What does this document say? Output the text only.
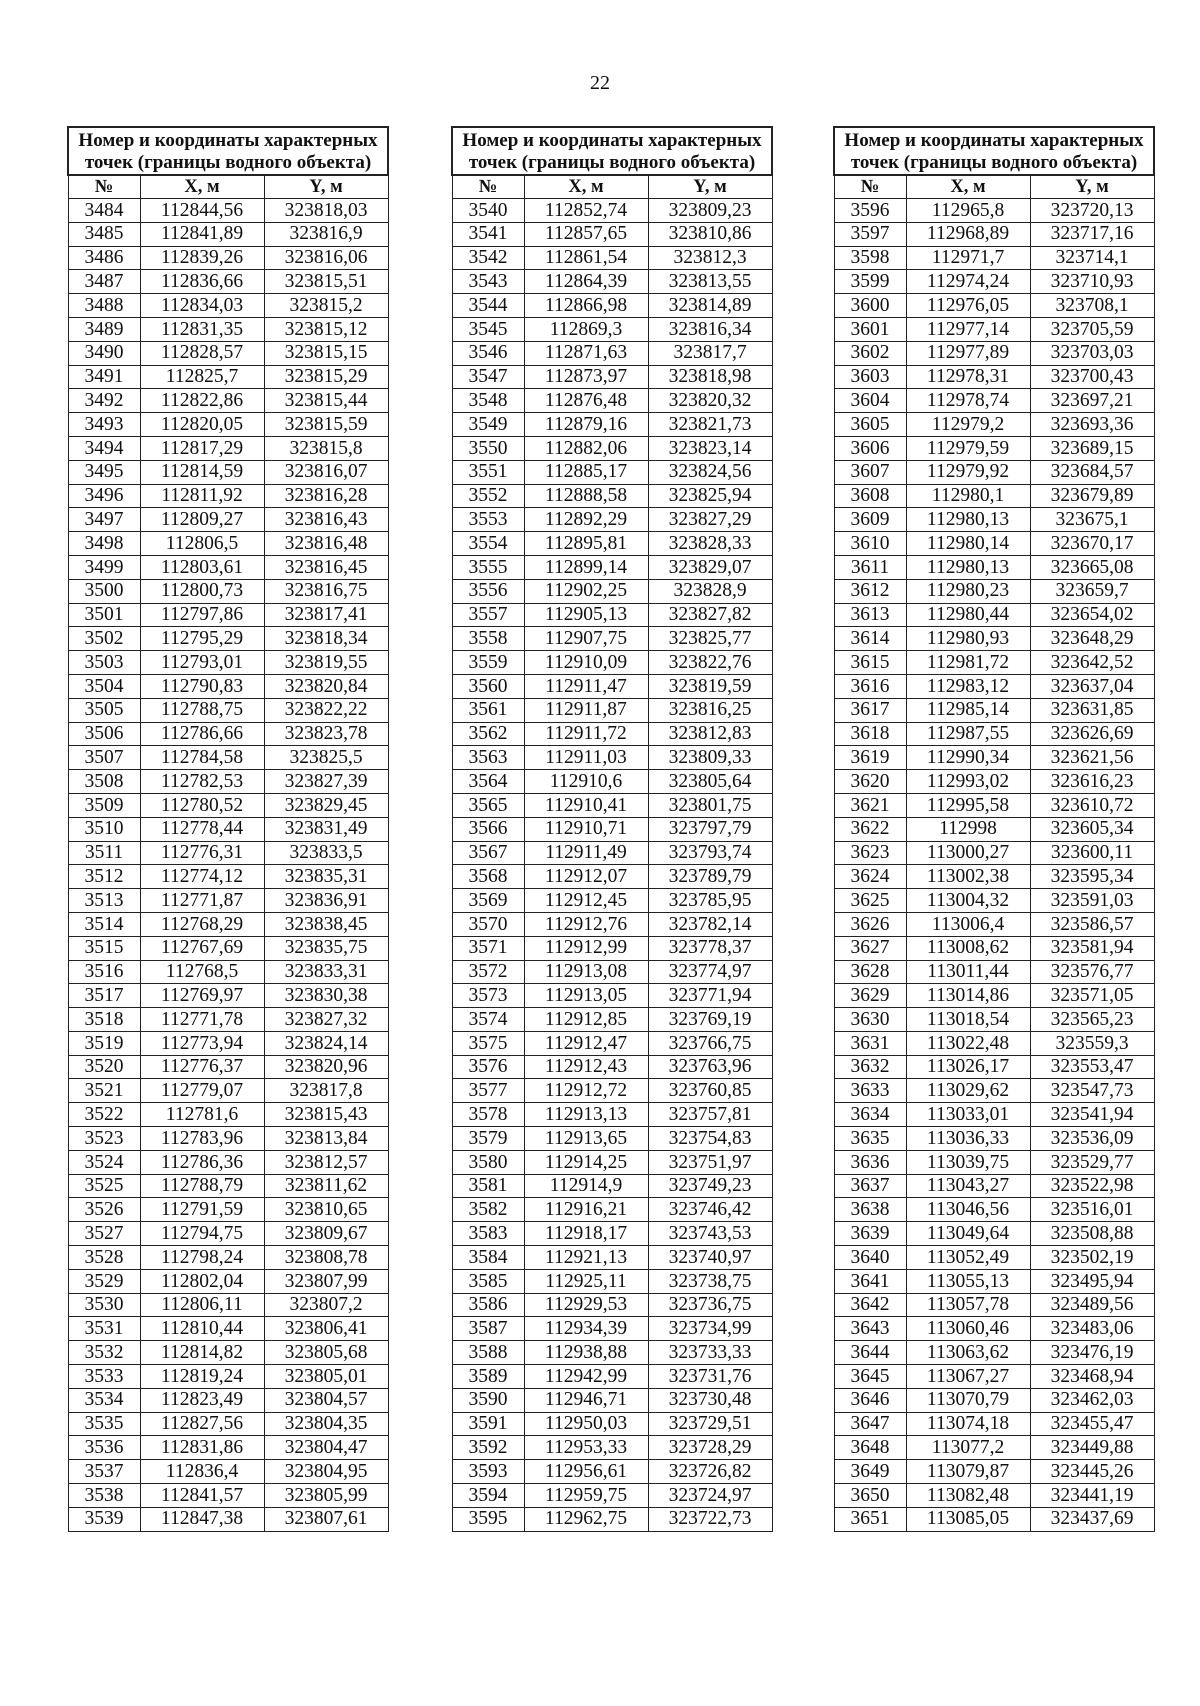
22
Номер и координаты характерных точек (границы водного объекта)		
№	X, м	Y, м
3484	112844,56	323818,03
3485	112841,89	323816,9
3486	112839,26	323816,06
3487	112836,66	323815,51
3488	112834,03	323815,2
3489	112831,35	323815,12
3490	112828,57	323815,15
3491	112825,7	323815,29
3492	112822,86	323815,44
3493	112820,05	323815,59
3494	112817,29	323815,8
3495	112814,59	323816,07
3496	112811,92	323816,28
3497	112809,27	323816,43
3498	112806,5	323816,48
3499	112803,61	323816,45
3500	112800,73	323816,75
3501	112797,86	323817,41
3502	112795,29	323818,34
3503	112793,01	323819,55
3504	112790,83	323820,84
3505	112788,75	323822,22
3506	112786,66	323823,78
3507	112784,58	323825,5
3508	112782,53	323827,39
3509	112780,52	323829,45
3510	112778,44	323831,49
3511	112776,31	323833,5
3512	112774,12	323835,31
3513	112771,87	323836,91
3514	112768,29	323838,45
3515	112767,69	323835,75
3516	112768,5	323833,31
3517	112769,97	323830,38
3518	112771,78	323827,32
3519	112773,94	323824,14
3520	112776,37	323820,96
3521	112779,07	323817,8
3522	112781,6	323815,43
3523	112783,96	323813,84
3524	112786,36	323812,57
3525	112788,79	323811,62
3526	112791,59	323810,65
3527	112794,75	323809,67
3528	112798,24	323808,78
3529	112802,04	323807,99
3530	112806,11	323807,2
3531	112810,44	323806,41
3532	112814,82	323805,68
3533	112819,24	323805,01
3534	112823,49	323804,57
3535	112827,56	323804,35
3536	112831,86	323804,47
3537	112836,4	323804,95
3538	112841,57	323805,99
3539	112847,38	323807,61
Номер и координаты характерных точек (границы водного объекта)		
№	X, м	Y, м
3540	112852,74	323809,23
3541	112857,65	323810,86
3542	112861,54	323812,3
3543	112864,39	323813,55
3544	112866,98	323814,89
3545	112869,3	323816,34
3546	112871,63	323817,7
3547	112873,97	323818,98
3548	112876,48	323820,32
3549	112879,16	323821,73
3550	112882,06	323823,14
3551	112885,17	323824,56
3552	112888,58	323825,94
3553	112892,29	323827,29
3554	112895,81	323828,33
3555	112899,14	323829,07
3556	112902,25	323828,9
3557	112905,13	323827,82
3558	112907,75	323825,77
3559	112910,09	323822,76
3560	112911,47	323819,59
3561	112911,87	323816,25
3562	112911,72	323812,83
3563	112911,03	323809,33
3564	112910,6	323805,64
3565	112910,41	323801,75
3566	112910,71	323797,79
3567	112911,49	323793,74
3568	112912,07	323789,79
3569	112912,45	323785,95
3570	112912,76	323782,14
3571	112912,99	323778,37
3572	112913,08	323774,97
3573	112913,05	323771,94
3574	112912,85	323769,19
3575	112912,47	323766,75
3576	112912,43	323763,96
3577	112912,72	323760,85
3578	112913,13	323757,81
3579	112913,65	323754,83
3580	112914,25	323751,97
3581	112914,9	323749,23
3582	112916,21	323746,42
3583	112918,17	323743,53
3584	112921,13	323740,97
3585	112925,11	323738,75
3586	112929,53	323736,75
3587	112934,39	323734,99
3588	112938,88	323733,33
3589	112942,99	323731,76
3590	112946,71	323730,48
3591	112950,03	323729,51
3592	112953,33	323728,29
3593	112956,61	323726,82
3594	112959,75	323724,97
3595	112962,75	323722,73
Номер и координаты характерных точек (границы водного объекта)		
№	X, м	Y, м
3596	112965,8	323720,13
3597	112968,89	323717,16
3598	112971,7	323714,1
3599	112974,24	323710,93
3600	112976,05	323708,1
3601	112977,14	323705,59
3602	112977,89	323703,03
3603	112978,31	323700,43
3604	112978,74	323697,21
3605	112979,2	323693,36
3606	112979,59	323689,15
3607	112979,92	323684,57
3608	112980,1	323679,89
3609	112980,13	323675,1
3610	112980,14	323670,17
3611	112980,13	323665,08
3612	112980,23	323659,7
3613	112980,44	323654,02
3614	112980,93	323648,29
3615	112981,72	323642,52
3616	112983,12	323637,04
3617	112985,14	323631,85
3618	112987,55	323626,69
3619	112990,34	323621,56
3620	112993,02	323616,23
3621	112995,58	323610,72
3622	112998	323605,34
3623	113000,27	323600,11
3624	113002,38	323595,34
3625	113004,32	323591,03
3626	113006,4	323586,57
3627	113008,62	323581,94
3628	113011,44	323576,77
3629	113014,86	323571,05
3630	113018,54	323565,23
3631	113022,48	323559,3
3632	113026,17	323553,47
3633	113029,62	323547,73
3634	113033,01	323541,94
3635	113036,33	323536,09
3636	113039,75	323529,77
3637	113043,27	323522,98
3638	113046,56	323516,01
3639	113049,64	323508,88
3640	113052,49	323502,19
3641	113055,13	323495,94
3642	113057,78	323489,56
3643	113060,46	323483,06
3644	113063,62	323476,19
3645	113067,27	323468,94
3646	113070,79	323462,03
3647	113074,18	323455,47
3648	113077,2	323449,88
3649	113079,87	323445,26
3650	113082,48	323441,19
3651	113085,05	323437,69
